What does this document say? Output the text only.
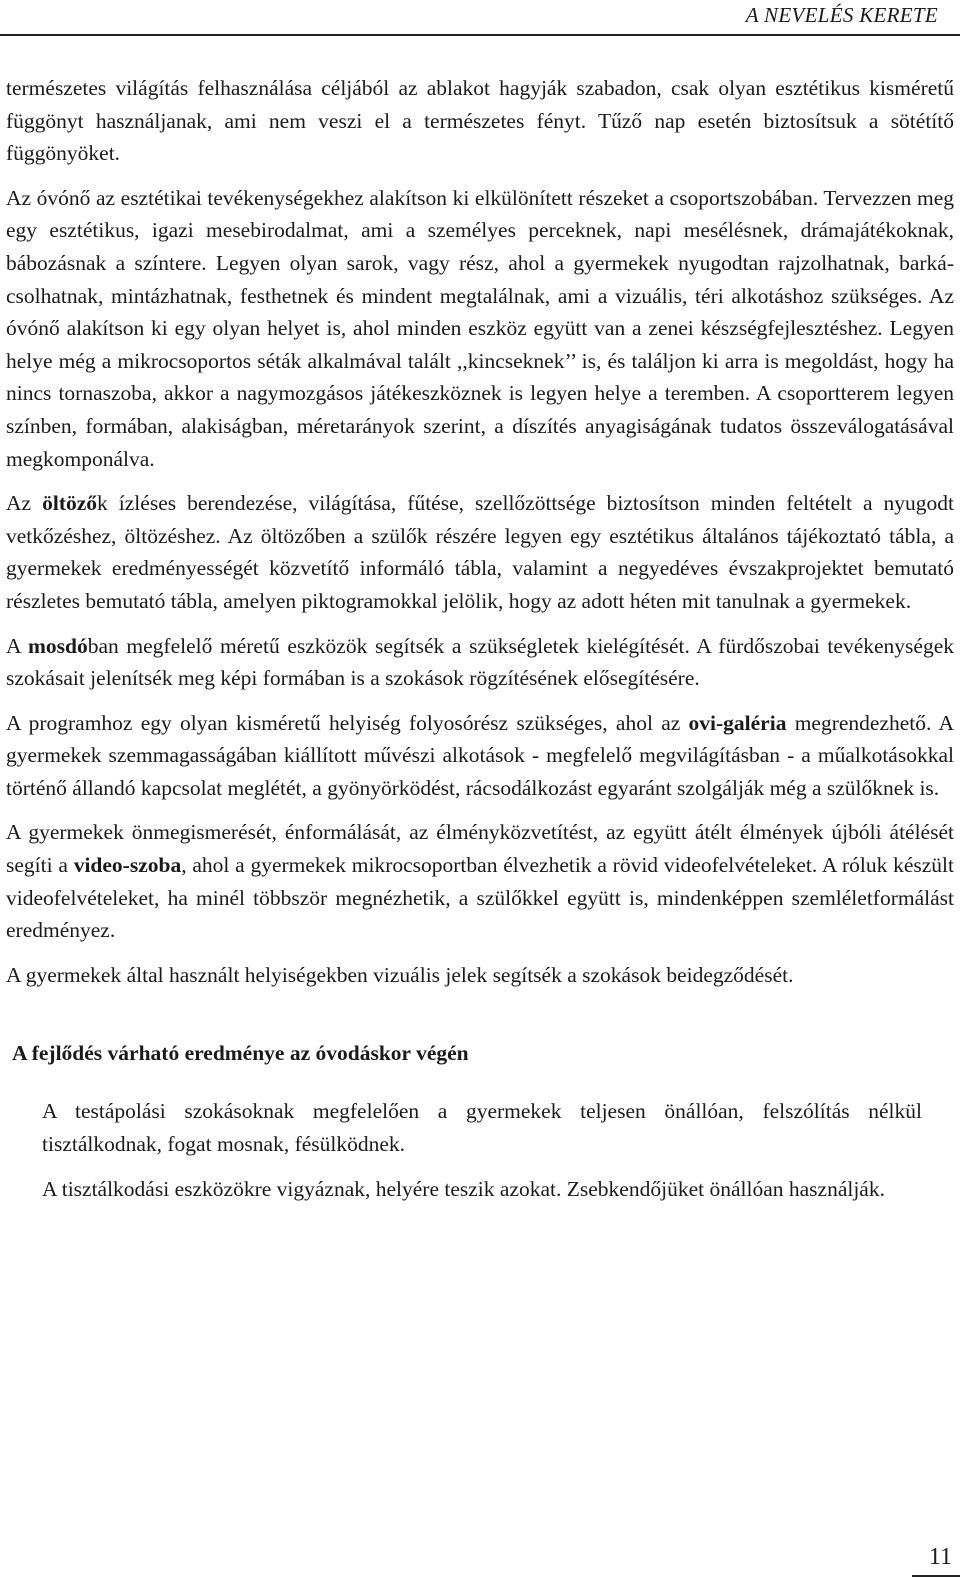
A NEVELÉS KERETE

természetes világítás felhasználása céljából az ablakot hagyják szabadon, csak olyan esztétikus kisméretű függönyt használjanak, ami nem veszi el a természetes fényt. Tűző nap esetén biztosítsuk a sötétítő függönyöket.

Az óvónő az esztétikai tevékenységekhez alakítson ki elkülönített részeket a csoportszobában. Tervezzen meg egy esztétikus, igazi mesebirodalmat, ami a személyes perceknek, napi mesélésnek, drámajátékoknak, bábozásnak a színtere. Legyen olyan sarok, vagy rész, ahol a gyermekek nyugodtan rajzolhatnak, barká-csolhatnak, mintázhatnak, festhetnek és mindent megtalálnak, ami a vizuális, téri alkotáshoz szükséges. Az óvónő alakítson ki egy olyan helyet is, ahol minden eszköz együtt van a zenei készségfejlesztéshez. Legyen helye még a mikrocsoportos séták alkalmával talált ,,kincseknek’’ is, és találjon ki arra is megoldást, hogy ha nincs tornaszoba, akkor a nagymozgásos játékeszköznek is legyen helye a teremben. A csoportterem legyen színben, formában, alakiságban, méretarányok szerint, a díszítés anyagiságának tudatos összeválogatásával megkomponálva.

Az öltözők ízléses berendezése, világítása, fűtése, szellőzöttsége biztosítson minden feltételt a nyugodt vetkőzéshez, öltözéshez. Az öltözőben a szülők részére legyen egy esztétikus általános tájékoztató tábla, a gyermekek eredményességét közvetítő informáló tábla, valamint a negyedéves évszakprojektet bemutató részletes bemutató tábla, amelyen piktogramokkal jelölik, hogy az adott héten mit tanulnak a gyermekek.

A mosdóban megfelelő méretű eszközök segítsék a szükségletek kielégítését. A fürdőszobai tevékenységek szokásait jelenítsék meg képi formában is a szokások rögzítésének elősegítésére.

A programhoz egy olyan kisméretű helyiség folyosórész szükséges, ahol az ovi-galéria megrendezhető. A gyermekek szemmagasságában kiállított művészi alkotások - megfelelő megvilágításban - a műalkotásokkal történő állandó kapcsolat meglétét, a gyönyörködést, rácsodálkozást egyaránt szolgálják még a szülőknek is.

A gyermekek önmegismerését, énformálását, az élményközvetítést, az együtt átélt élmények újbóli átélését segíti a video-szoba, ahol a gyermekek mikrocsoportban élvezhetik a rövid videofelvételeket. A róluk készült videofelvételeket, ha minél többször megnézhetik, a szülőkkel együtt is, mindenképpen szemléletformálást eredményez.

A gyermekek által használt helyiségekben vizuális jelek segítsék a szokások beidegződését.

A fejlődés várható eredménye az óvodáskor végén

A testápolási szokásoknak megfelelően a gyermekek teljesen önállóan, felszólítás nélkül tisztálkodnak, fogat mosnak, fésülködnek.

A tisztálkodási eszközökre vigyáznak, helyére teszik azokat. Zsebkendőjüket önállóan használják.

11
